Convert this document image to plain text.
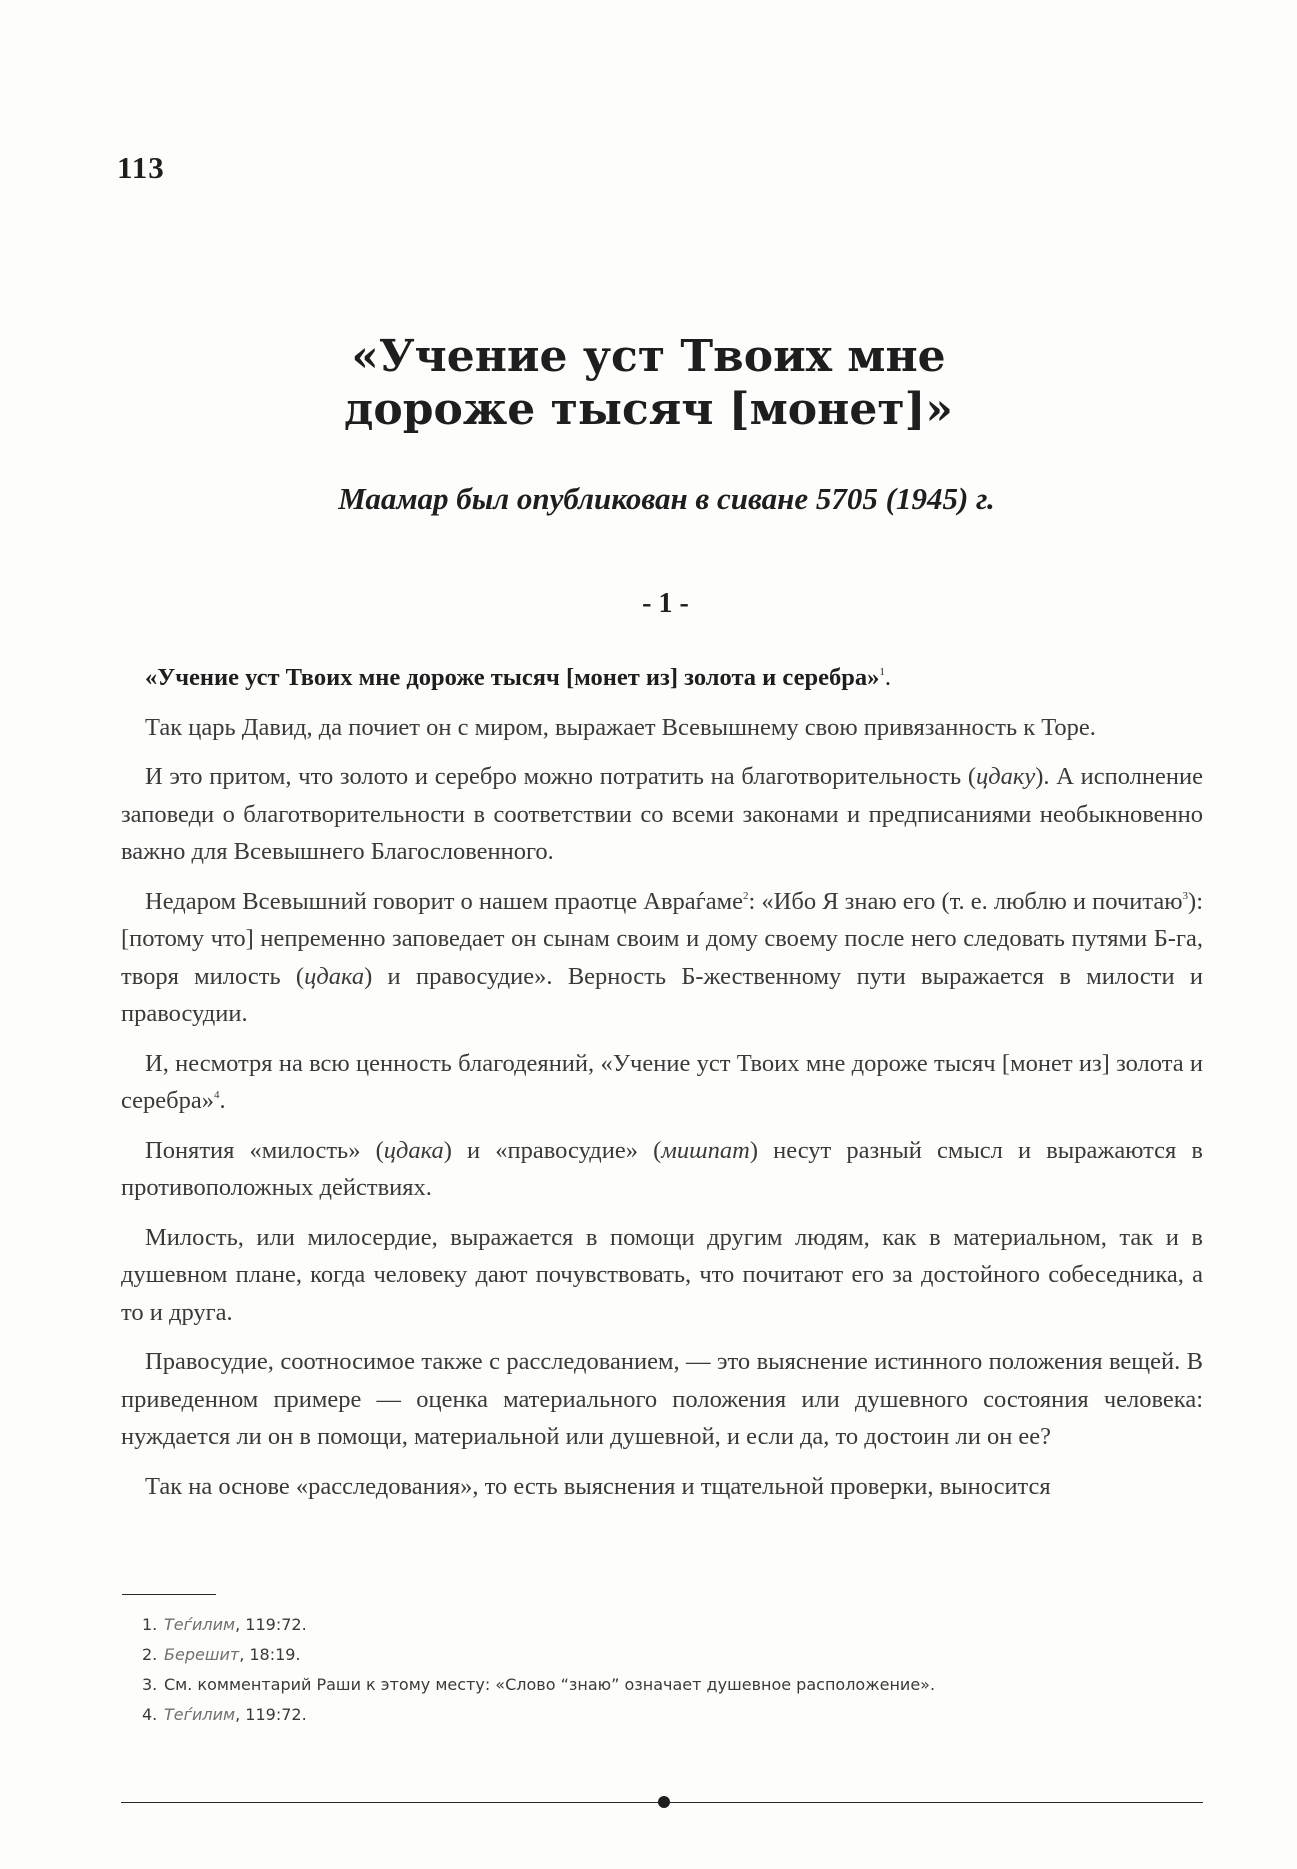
113
«Учение уст Твоих мне
дороже тысяч [монет]»
Маамар был опубликован в сиване 5705 (1945) г.
- 1 -

«Учение уст Твоих мне дороже тысяч [монет из] золота и серебра»$^1$.

Так царь Давид, да почиет он с миром, выражает Всевышнему свою привязанность к Торе.

И это притом, что золото и серебро можно потратить на благотворительность (цдаку). А исполнение заповеди о благотворительности в соответствии со всеми законами и предписаниями необыкновенно важно для Всевышнего Благословенного.

Недаром Всевышний говорит о нашем праотце Авраѓаме$^2$: «Ибо Я знаю его (т. е. люблю и почитаю$^3$): [потому что] непременно заповедает он сынам своим и дому своему после него следовать путями Б-га, творя милость (цдака) и правосудие». Верность Б-жественному пути выражается в милости и правосудии.

И, несмотря на всю ценность благодеяний, «Учение уст Твоих мне дороже тысяч [монет из] золота и серебра»$^4$.

Понятия «милость» (цдака) и «правосудие» (мишпат) несут разный смысл и выражаются в противоположных действиях.

Милость, или милосердие, выражается в помощи другим людям, как в материальном, так и в душевном плане, когда человеку дают почувствовать, что почитают его за достойного собеседника, а то и друга.

Правосудие, соотносимое также с расследованием, — это выяснение истинного положения вещей. В приведенном примере — оценка материального положения или душевного состояния человека: нуждается ли он в помощи, материальной или душевной, и если да, то достоин ли он ее?

Так на основе «расследования», то есть выяснения и тщательной проверки, выносится

1. Теѓилим, 119:72.
2. Берешит, 18:19.
3. См. комментарий Раши к этому месту: «Слово “знаю” означает душевное расположение».
4. Теѓилим, 119:72.
